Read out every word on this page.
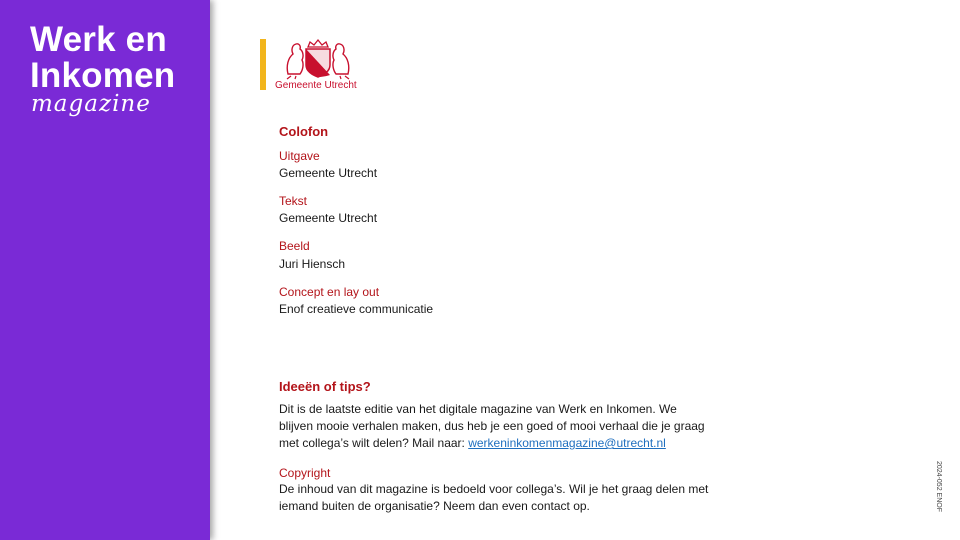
Werk en
Inkomen
magazine
Gemeente Utrecht
Colofon
Uitgave
Gemeente Utrecht
Tekst
Gemeente Utrecht
Beeld
Juri Hiensch
Concept en lay out
Enof creatieve communicatie
Ideeën of tips?
Dit is de laatste editie van het digitale magazine van Werk en Inkomen. We blijven mooie verhalen maken, dus heb je een goed of mooi verhaal die je graag met collega’s wilt delen? Mail naar: werkeninkomenmagazine@utrecht.nl
Copyright
De inhoud van dit magazine is bedoeld voor collega’s. Wil je het graag delen met iemand buiten de organisatie? Neem dan even contact op.	2024-052 ENOF
